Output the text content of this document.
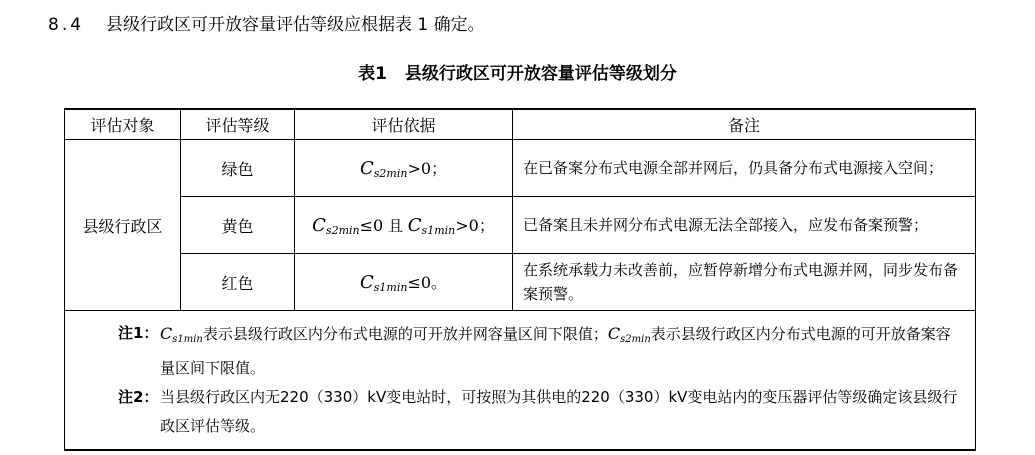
8.4 县级行政区可开放容量评估等级应根据表 1 确定。
表1 县级行政区可开放容量评估等级划分
评估对象	评估等级	评估依据	备注
县级行政区	绿色	$C_{s2min}>0$；	在已备案分布式电源全部并网后，仍具备分布式电源接入空间；
	黄色	$C_{s2min}\le 0$ 且 $C_{s1min}>0$；	已备案且未并网分布式电源无法全部接入，应发布备案预警；
	红色	$C_{s1min}\le 0$。	在系统承载力未改善前，应暂停新增分布式电源并网，同步发布备案预警。

注1： $C_{s1min}$表示县级行政区内分布式电源的可开放并网容量区间下限值；$C_{s2min}$表示县级行政区内分布式电源的可开放备案容量区间下限值。
注2： 当县级行政区内无220（330）kV变电站时，可按照为其供电的220（330）kV变电站内的变压器评估等级确定该县级行政区评估等级。			
